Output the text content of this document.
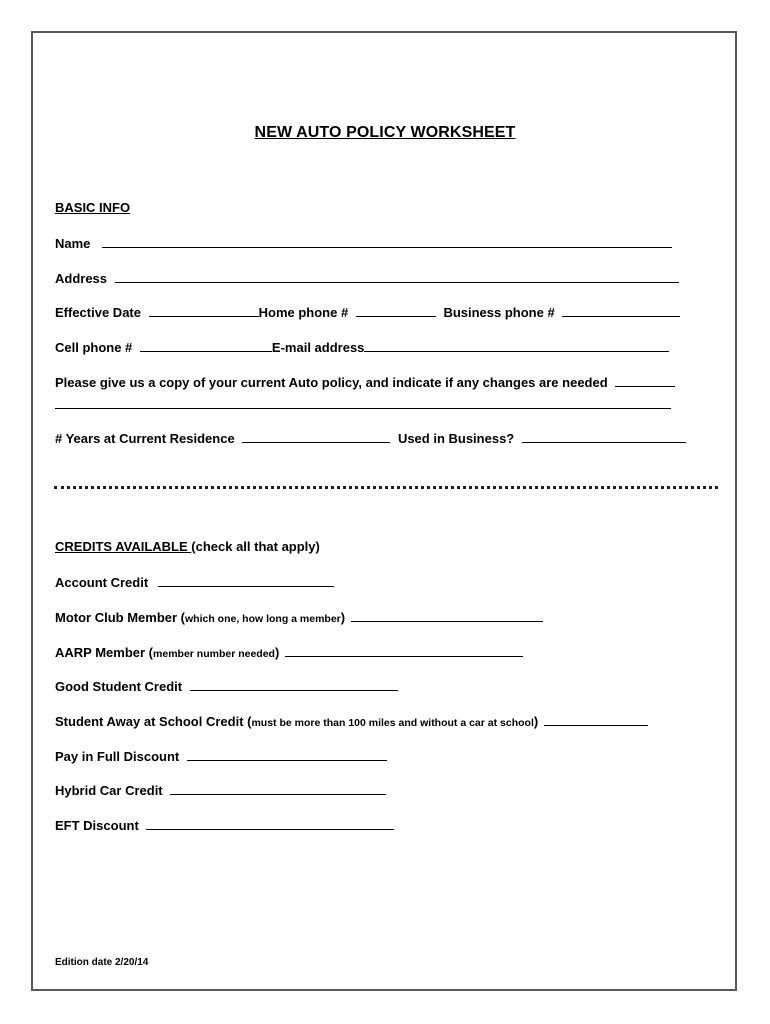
NEW AUTO POLICY WORKSHEET
BASIC INFO
Name
Address
Effective Date	Home phone #	Business phone #
Cell phone #	E-mail address
Please give us a copy of your current Auto policy, and indicate if any changes are needed
# Years at Current Residence	Used in Business?
CREDITS AVAILABLE (check all that apply)
Account Credit
Motor Club Member (which one, how long a member)
AARP Member (member number needed)
Good Student Credit
Student Away at School Credit (must be more than 100 miles and without a car at school)
Pay in Full Discount
Hybrid Car Credit
EFT Discount
Edition date 2/20/14
